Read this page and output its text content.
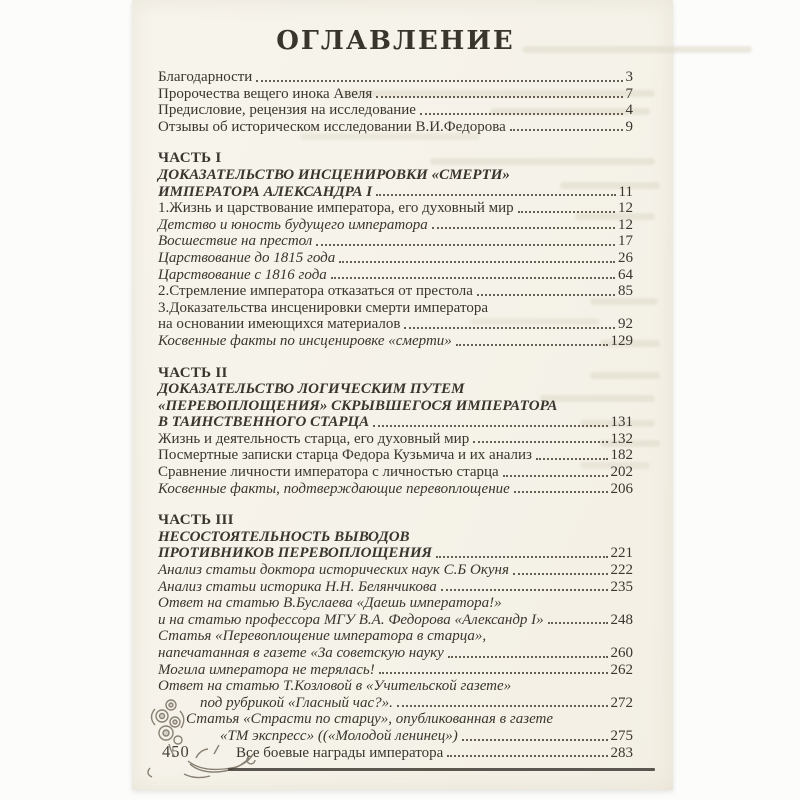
ОГЛАВЛЕНИЕ
Благодарности	3
Пророчества вещего инока Авеля	7
Предисловие, рецензия на исследование	4
Отзывы об историческом исследовании В.И.Федорова	9
ЧАСТЬ I
ДОКАЗАТЕЛЬСТВО ИНСЦЕНИРОВКИ «СМЕРТИ»
ИМПЕРАТОРА АЛЕКСАНДРА I	11
1.Жизнь и царствование императора, его духовный мир	12
Детство и юность будущего императора	12
Восшествие на престол	17
Царствование до 1815 года	26
Царствование с 1816 года	64
2.Стремление императора отказаться от престола	85
3.Доказательства инсценировки смерти императора
на основании имеющихся материалов	92
Косвенные факты по инсценировке «смерти»	129
ЧАСТЬ II
ДОКАЗАТЕЛЬСТВО ЛОГИЧЕСКИМ ПУТЕМ
«ПЕРЕВОПЛОЩЕНИЯ» СКРЫВШЕГОСЯ ИМПЕРАТОРА
В ТАИНСТВЕННОГО СТАРЦА	131
Жизнь и деятельность старца, его духовный мир	132
Посмертные записки старца Федора Кузьмича и их анализ	182
Сравнение личности императора с личностью старца	202
Косвенные факты, подтверждающие перевоплощение	206
ЧАСТЬ III
НЕСОСТОЯТЕЛЬНОСТЬ ВЫВОДОВ
ПРОТИВНИКОВ ПЕРЕВОПЛОЩЕНИЯ	221
Анализ статьи доктора исторических наук С.Б Окуня	222
Анализ статьи историка Н.Н. Белянчикова	235
Ответ на статью В.Буслаева «Даешь императора!»
и на статью профессора МГУ В.А. Федорова «Александр I»	248
Статья «Перевоплощение императора в старца»,
напечатанная в газете «За советскую науку	260
Могила императора не терялась!	262
Ответ на статью Т.Козловой в «Учительской газете»
под рубрикой «Гласный час?».	272
Статья «Страсти по старцу», опубликованная в газете
«ТМ экспресс» ((«Молодой ленинец»)	275
Все боевые награды императора	283
450
